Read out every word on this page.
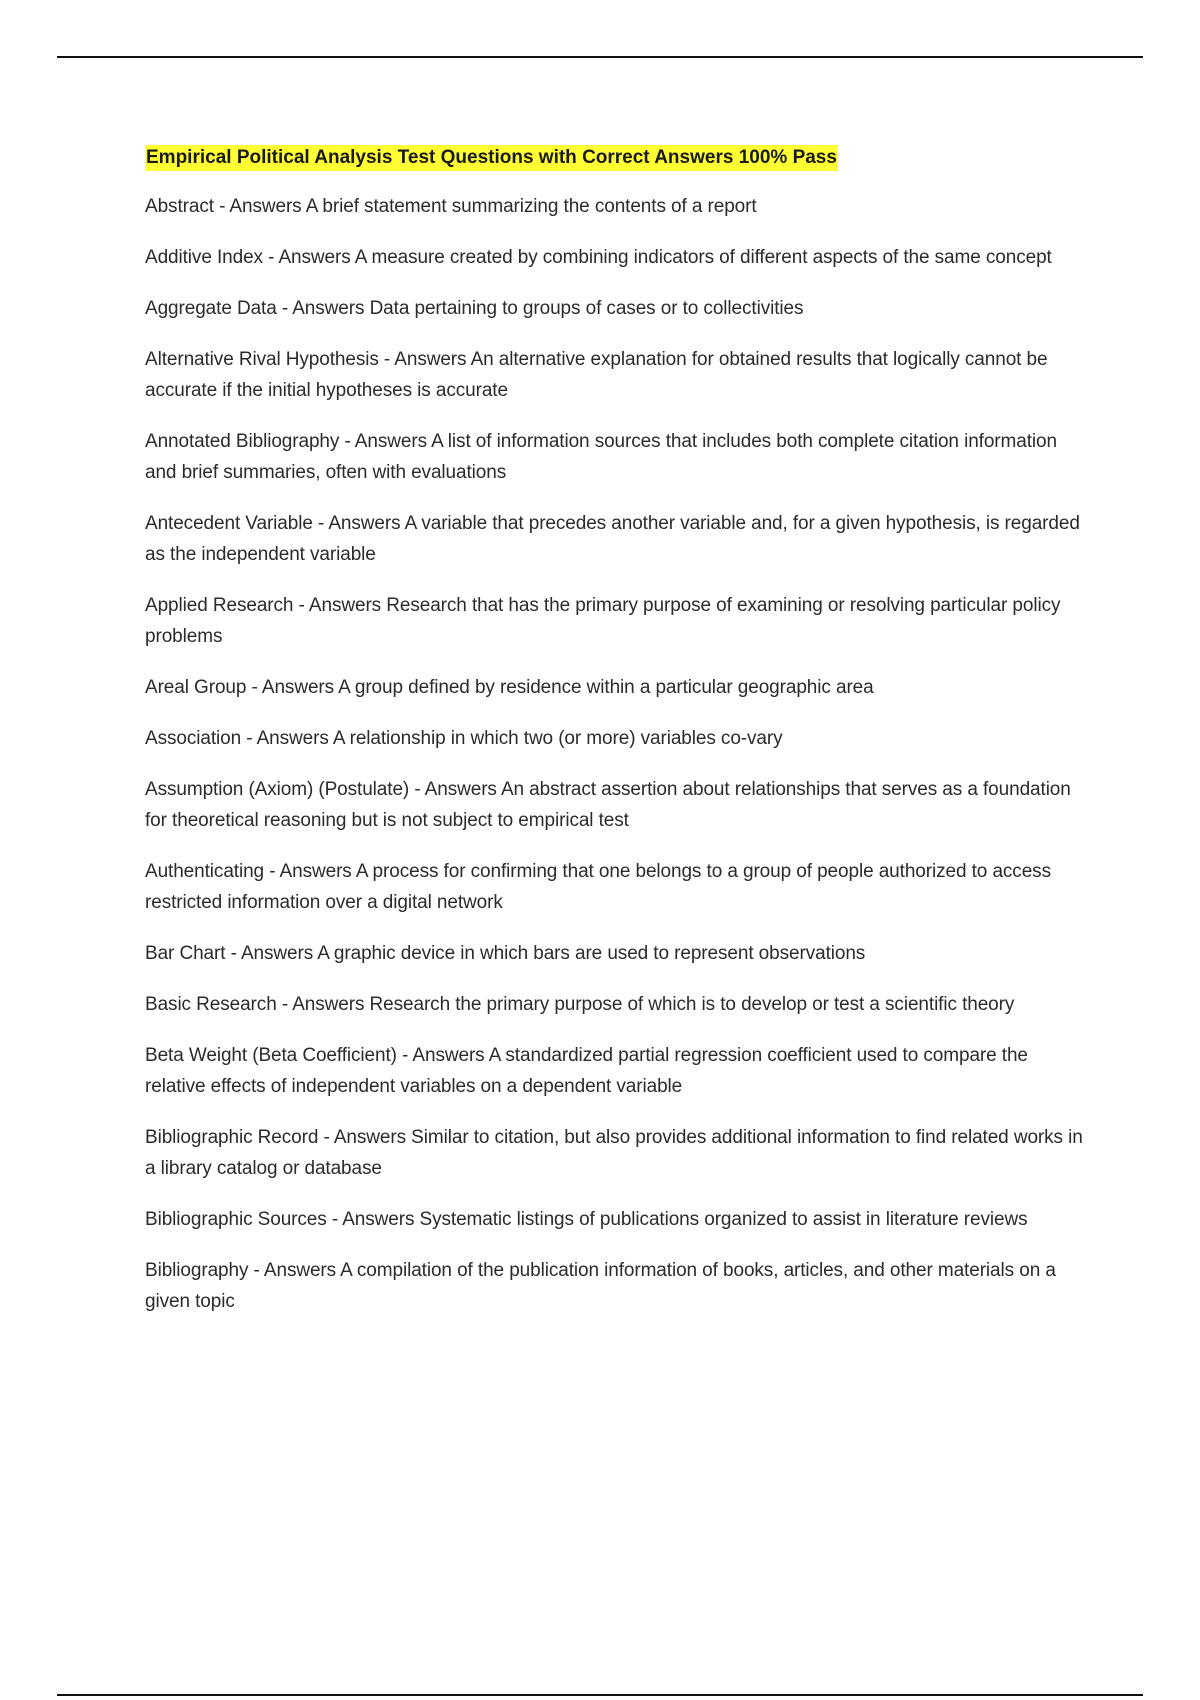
Empirical Political Analysis Test Questions with Correct Answers 100% Pass
Abstract - Answers A brief statement summarizing the contents of a report
Additive Index - Answers A measure created by combining indicators of different aspects of the same concept
Aggregate Data - Answers Data pertaining to groups of cases or to collectivities
Alternative Rival Hypothesis - Answers An alternative explanation for obtained results that logically cannot be accurate if the initial hypotheses is accurate
Annotated Bibliography - Answers A list of information sources that includes both complete citation information and brief summaries, often with evaluations
Antecedent Variable - Answers A variable that precedes another variable and, for a given hypothesis, is regarded as the independent variable
Applied Research - Answers Research that has the primary purpose of examining or resolving particular policy problems
Areal Group - Answers A group defined by residence within a particular geographic area
Association - Answers A relationship in which two (or more) variables co-vary
Assumption (Axiom) (Postulate) - Answers An abstract assertion about relationships that serves as a foundation for theoretical reasoning but is not subject to empirical test
Authenticating - Answers A process for confirming that one belongs to a group of people authorized to access restricted information over a digital network
Bar Chart - Answers A graphic device in which bars are used to represent observations
Basic Research - Answers Research the primary purpose of which is to develop or test a scientific theory
Beta Weight (Beta Coefficient) - Answers A standardized partial regression coefficient used to compare the relative effects of independent variables on a dependent variable
Bibliographic Record - Answers Similar to citation, but also provides additional information to find related works in a library catalog or database
Bibliographic Sources - Answers Systematic listings of publications organized to assist in literature reviews
Bibliography - Answers A compilation of the publication information of books, articles, and other materials on a given topic
